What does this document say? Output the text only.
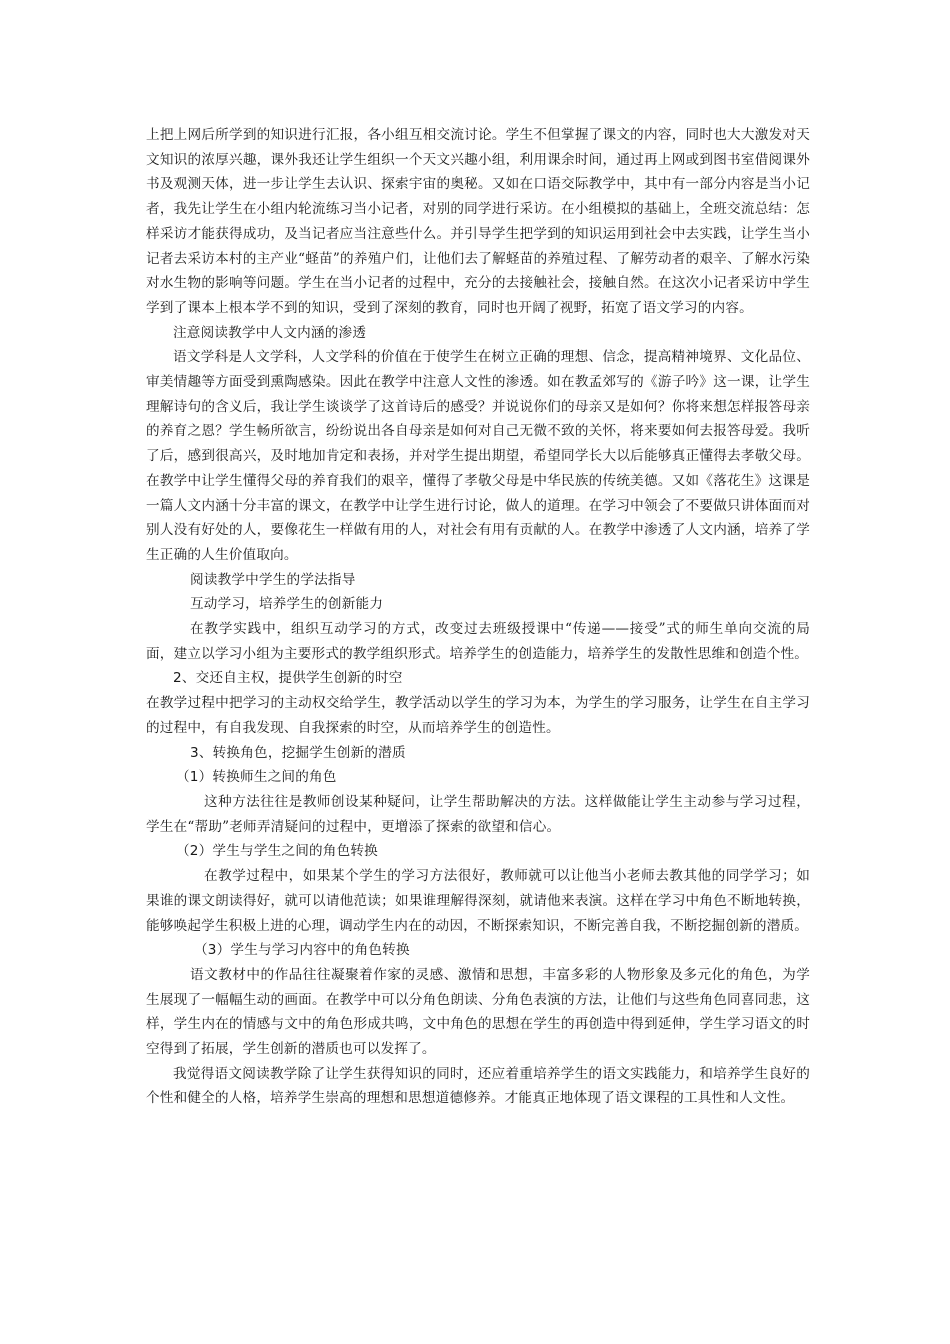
上把上网后所学到的知识进行汇报，各小组互相交流讨论。学生不但掌握了课文的内容，同时也大大激发对天文知识的浓厚兴趣，课外我还让学生组织一个天文兴趣小组，利用课余时间，通过再上网或到图书室借阅课外书及观测天体，进一步让学生去认识、探索宇宙的奥秘。又如在口语交际教学中，其中有一部分内容是当小记者，我先让学生在小组内轮流练习当小记者，对别的同学进行采访。在小组模拟的基础上，全班交流总结：怎样采访才能获得成功，及当记者应当注意些什么。并引导学生把学到的知识运用到社会中去实践，让学生当小记者去采访本村的主产业“蛏苗”的养殖户们，让他们去了解蛏苗的养殖过程、了解劳动者的艰辛、了解水污染对水生物的影响等问题。学生在当小记者的过程中，充分的去接触社会，接触自然。在这次小记者采访中学生学到了课本上根本学不到的知识，受到了深刻的教育，同时也开阔了视野，拓宽了语文学习的内容。

注意阅读教学中人文内涵的渗透

语文学科是人文学科，人文学科的价值在于使学生在树立正确的理想、信念，提高精神境界、文化品位、审美情趣等方面受到熏陶感染。因此在教学中注意人文性的渗透。如在教孟郊写的《游子吟》这一课，让学生理解诗句的含义后，我让学生谈谈学了这首诗后的感受？并说说你们的母亲又是如何？你将来想怎样报答母亲的养育之恩？学生畅所欲言，纷纷说出各自母亲是如何对自己无微不致的关怀，将来要如何去报答母爱。我听了后，感到很高兴，及时地加肯定和表扬，并对学生提出期望，希望同学长大以后能够真正懂得去孝敬父母。在教学中让学生懂得父母的养育我们的艰辛，懂得了孝敬父母是中华民族的传统美德。又如《落花生》这课是一篇人文内涵十分丰富的课文，在教学中让学生进行讨论，做人的道理。在学习中领会了不要做只讲体面而对别人没有好处的人，要像花生一样做有用的人，对社会有用有贡献的人。在教学中渗透了人文内涵，培养了学生正确的人生价值取向。

阅读教学中学生的学法指导

互动学习，培养学生的创新能力

在教学实践中，组织互动学习的方式，改变过去班级授课中“传递——接受”式的师生单向交流的局面，建立以学习小组为主要形式的教学组织形式。培养学生的创造能力，培养学生的发散性思维和创造个性。

2、交还自主权，提供学生创新的时空

在教学过程中把学习的主动权交给学生，教学活动以学生的学习为本，为学生的学习服务，让学生在自主学习的过程中，有自我发现、自我探索的时空，从而培养学生的创造性。

3、转换角色，挖掘学生创新的潜质

（1）转换师生之间的角色

这种方法往往是教师创设某种疑问，让学生帮助解决的方法。这样做能让学生主动参与学习过程，学生在“帮助”老师弄清疑问的过程中，更增添了探索的欲望和信心。

（2）学生与学生之间的角色转换

在教学过程中，如果某个学生的学习方法很好，教师就可以让他当小老师去教其他的同学学习；如果谁的课文朗读得好，就可以请他范读；如果谁理解得深刻，就请他来表演。这样在学习中角色不断地转换，能够唤起学生积极上进的心理，调动学生内在的动因，不断探索知识，不断完善自我，不断挖掘创新的潜质。

（3）学生与学习内容中的角色转换

语文教材中的作品往往凝聚着作家的灵感、激情和思想，丰富多彩的人物形象及多元化的角色，为学生展现了一幅幅生动的画面。在教学中可以分角色朗读、分角色表演的方法，让他们与这些角色同喜同悲，这样，学生内在的情感与文中的角色形成共鸣，文中角色的思想在学生的再创造中得到延伸，学生学习语文的时空得到了拓展，学生创新的潜质也可以发挥了。

我觉得语文阅读教学除了让学生获得知识的同时，还应着重培养学生的语文实践能力，和培养学生良好的个性和健全的人格，培养学生崇高的理想和思想道德修养。才能真正地体现了语文课程的工具性和人文性。
